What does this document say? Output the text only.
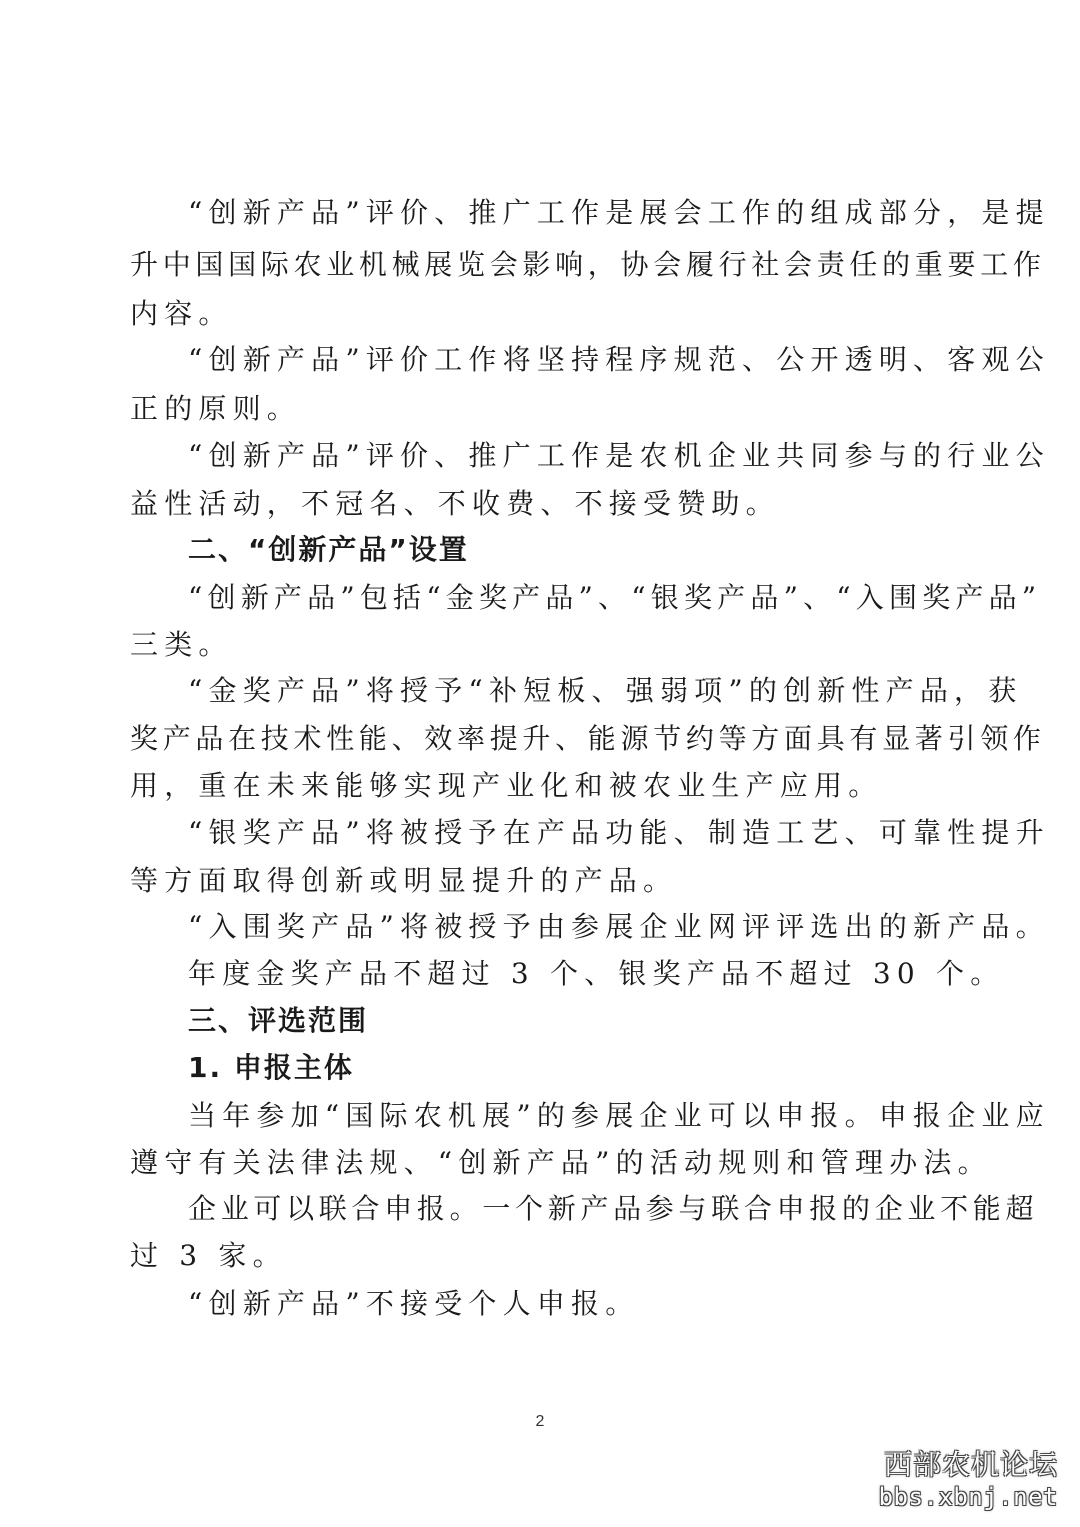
“创新产品”评价、推广工作是展会工作的组成部分，是提
升中国国际农业机械展览会影响，协会履行社会责任的重要工作
内容。
“创新产品”评价工作将坚持程序规范、公开透明、客观公
正的原则。
“创新产品”评价、推广工作是农机企业共同参与的行业公
益性活动，不冠名、不收费、不接受赞助。
二、“创新产品”设置
“创新产品”包括“金奖产品”、“银奖产品”、“入围奖产品”
三类。
“金奖产品”将授予“补短板、强弱项”的创新性产品，获
奖产品在技术性能、效率提升、能源节约等方面具有显著引领作
用，重在未来能够实现产业化和被农业生产应用。
“银奖产品”将被授予在产品功能、制造工艺、可靠性提升
等方面取得创新或明显提升的产品。
“入围奖产品”将被授予由参展企业网评评选出的新产品。
年度金奖产品不超过 3 个、银奖产品不超过 30 个。
三、评选范围
1. 申报主体
当年参加“国际农机展”的参展企业可以申报。申报企业应
遵守有关法律法规、“创新产品”的活动规则和管理办法。
企业可以联合申报。一个新产品参与联合申报的企业不能超
过 3 家。
“创新产品”不接受个人申报。
2
西部农机论坛
bbs.xbnj.net
